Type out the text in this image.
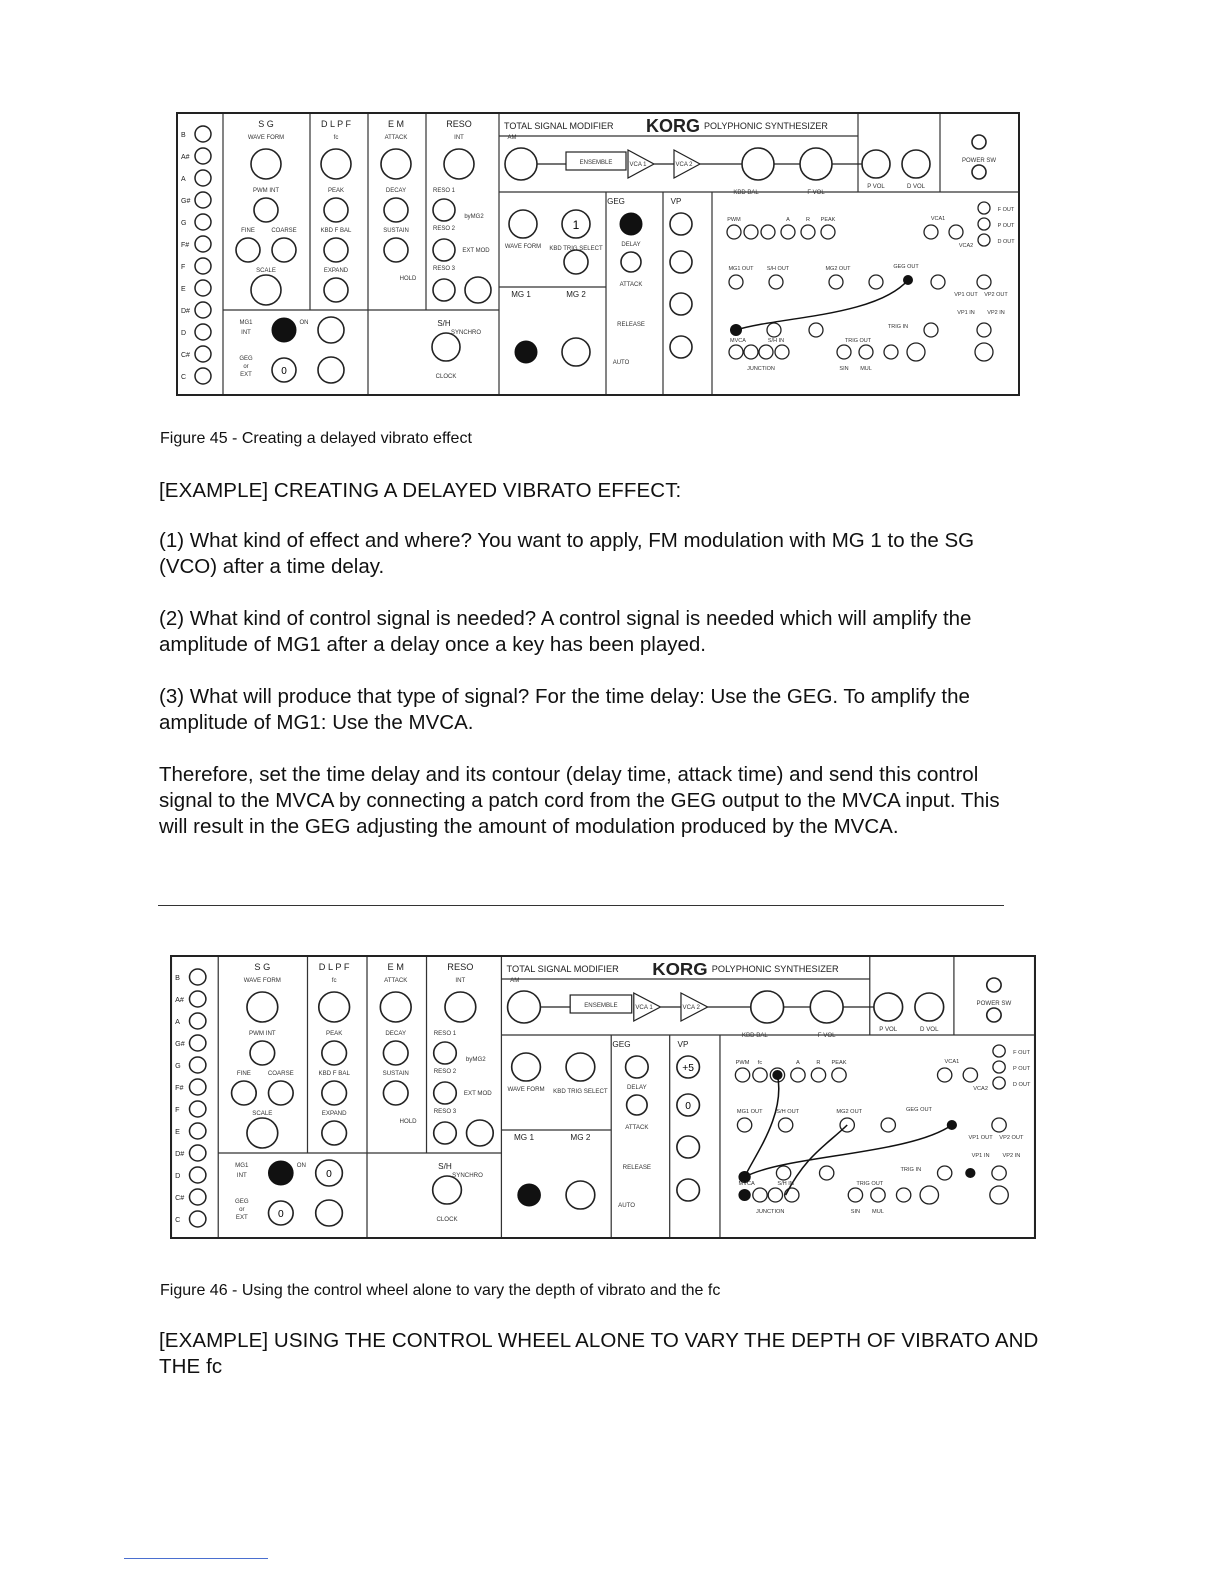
B
A#
A
G#
G
F#
F
E
D#
D
C#
C
S G	D L P F	E M	RESO	TOTAL SIGNAL MODIFIER KORG POLYPHONIC SYNTHESIZER
WAVE FORM
PWM INT
FINE	COARSE
SCALE
fc
PEAK
KBD F BAL
EXPAND
ATTACK
DECAY
SUSTAIN
HOLD
INT
RESO 1
RESO 2
RESO 3
byMG2
EXT MOD
AM
KBD BAL	F VOL
P VOL	D VOL
POWER SW
0
1
ENSEMBLE	VCA 1	VCA 2
GEG	VP
MG 1	MG 2
S/H
WAVE FORM KBD TRIG SELECT
DELAY
ATTACK
RELEASE
AUTO
SYNCHRO
CLOCK
PWM	A	R PEAK	VCA1
VCA2
F OUT
P OUT
D OUT
MG1 OUT S/H OUT	MG2 OUT	GEG OUT
VP1 OUT VP2 OUT
VP1 IN VP2 IN
TRIG IN
TRIG OUT
MVCA	S/H IN
JUNCTION	SIN MUL
MG1
INT
ON
GEG
or
EXT
Figure 45 - Creating a delayed vibrato effect
[EXAMPLE] CREATING A DELAYED VIBRATO EFFECT:

(1) What kind of effect and where? You want to apply, FM modulation with MG 1 to the SG (VCO) after a time delay.

(2) What kind of control signal is needed? A control signal is needed which will amplify the amplitude of MG1 after a delay once a key has been played.

(3) What will produce that type of signal? For the time delay: Use the GEG. To amplify the amplitude of MG1: Use the MVCA.

Therefore, set the time delay and its contour (delay time, attack time) and send this control signal to the MVCA by connecting a patch cord from the GEG output to the MVCA input. This will result in the GEG adjusting the amount of modulation produced by the MVCA.

B
A#
A
G#
G
F#
F
E
D#
D
C#
C
S G	D L P F	E M	RESO	TOTAL SIGNAL MODIFIER KORG POLYPHONIC SYNTHESIZER
WAVE FORM
PWM INT
FINE	COARSE
SCALE
fc
PEAK
KBD F BAL
EXPAND
ATTACK
DECAY
SUSTAIN
HOLD
INT
RESO 1
RESO 2
RESO 3
byMG2
EXT MOD
AM
KBD BAL	F VOL
P VOL	D VOL
POWER SW
0
0
+5
0
ENSEMBLE	VCA 1	VCA 2
GEG	VP
MG 1	MG 2
S/H
WAVE FORM KBD TRIG SELECT
DELAY
ATTACK
RELEASE
AUTO
SYNCHRO
CLOCK
PWM fc	A	R PEAK	VCA1
VCA2
F OUT
P OUT
D OUT
MG1 OUT S/H OUT	MG2 OUT	GEG OUT
VP1 OUT VP2 OUT
VP1 IN VP2 IN
TRIG IN
TRIG OUT
MVCA	S/H IN
JUNCTION	SIN MUL
MG1
INT
ON
GEG
or
EXT
Figure 46 - Using the control wheel alone to vary the depth of vibrato and the fc
[EXAMPLE] USING THE CONTROL WHEEL ALONE TO VARY THE DEPTH OF VIBRATO AND THE fc
